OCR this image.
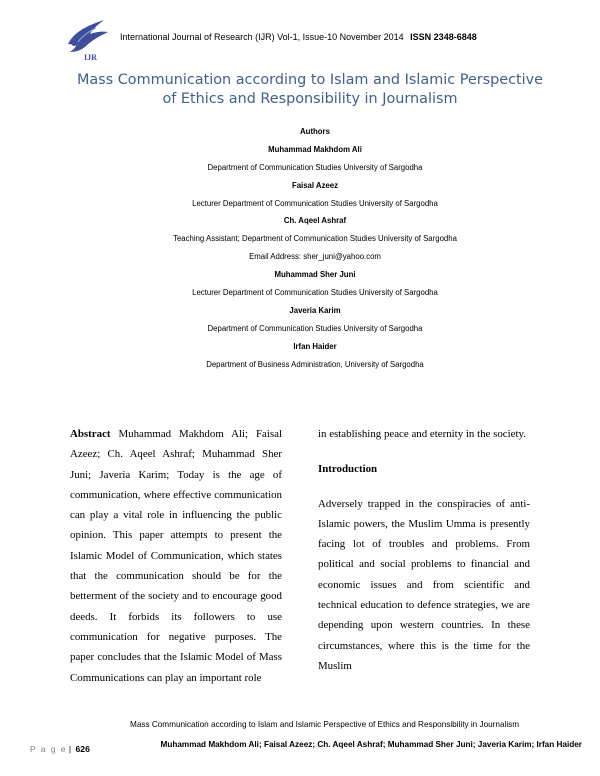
IJR
International Journal of Research (IJR) Vol-1, Issue-10 November 2014 ISSN 2348-6848
Mass Communication according to Islam and Islamic Perspective
of Ethics and Responsibility in Journalism
Authors
Muhammad Makhdom Ali
Department of Communication Studies University of Sargodha
Faisal Azeez
Lecturer Department of Communication Studies University of Sargodha
Ch. Aqeel Ashraf
Teaching Assistant; Department of Communication Studies University of Sargodha
Email Address: sher_juni@yahoo.com
Muhammad Sher Juni
Lecturer Department of Communication Studies University of Sargodha
Javeria Karim
Department of Communication Studies University of Sargodha
Irfan Haider
Department of Business Administration, University of Sargodha

Abstract Muhammad Makhdom Ali; Faisal Azeez; Ch. Aqeel Ashraf; Muhammad Sher Juni; Javeria Karim; Today is the age of communication, where effective communication can play a vital role in influencing the public opinion. This paper attempts to present the Islamic Model of Communication, which states that the communication should be for the betterment of the society and to encourage good deeds. It forbids its followers to use communication for negative purposes. The paper concludes that the Islamic Model of Mass Communications can play an important role

in establishing peace and eternity in the society.

Introduction

Adversely trapped in the conspiracies of anti-Islamic powers, the Muslim Umma is presently facing lot of troubles and problems. From political and social problems to financial and economic issues and from scientific and technical education to defence strategies, we are depending upon western countries. In these circumstances, where this is the time for the Muslim

Mass Communication according to Islam and Islamic Perspective of Ethics and Responsibility in Journalism
Muhammad Makhdom Ali; Faisal Azeez; Ch. Aqeel Ashraf; Muhammad Sher Juni; Javeria Karim; Irfan Haider
P a g e | 626
